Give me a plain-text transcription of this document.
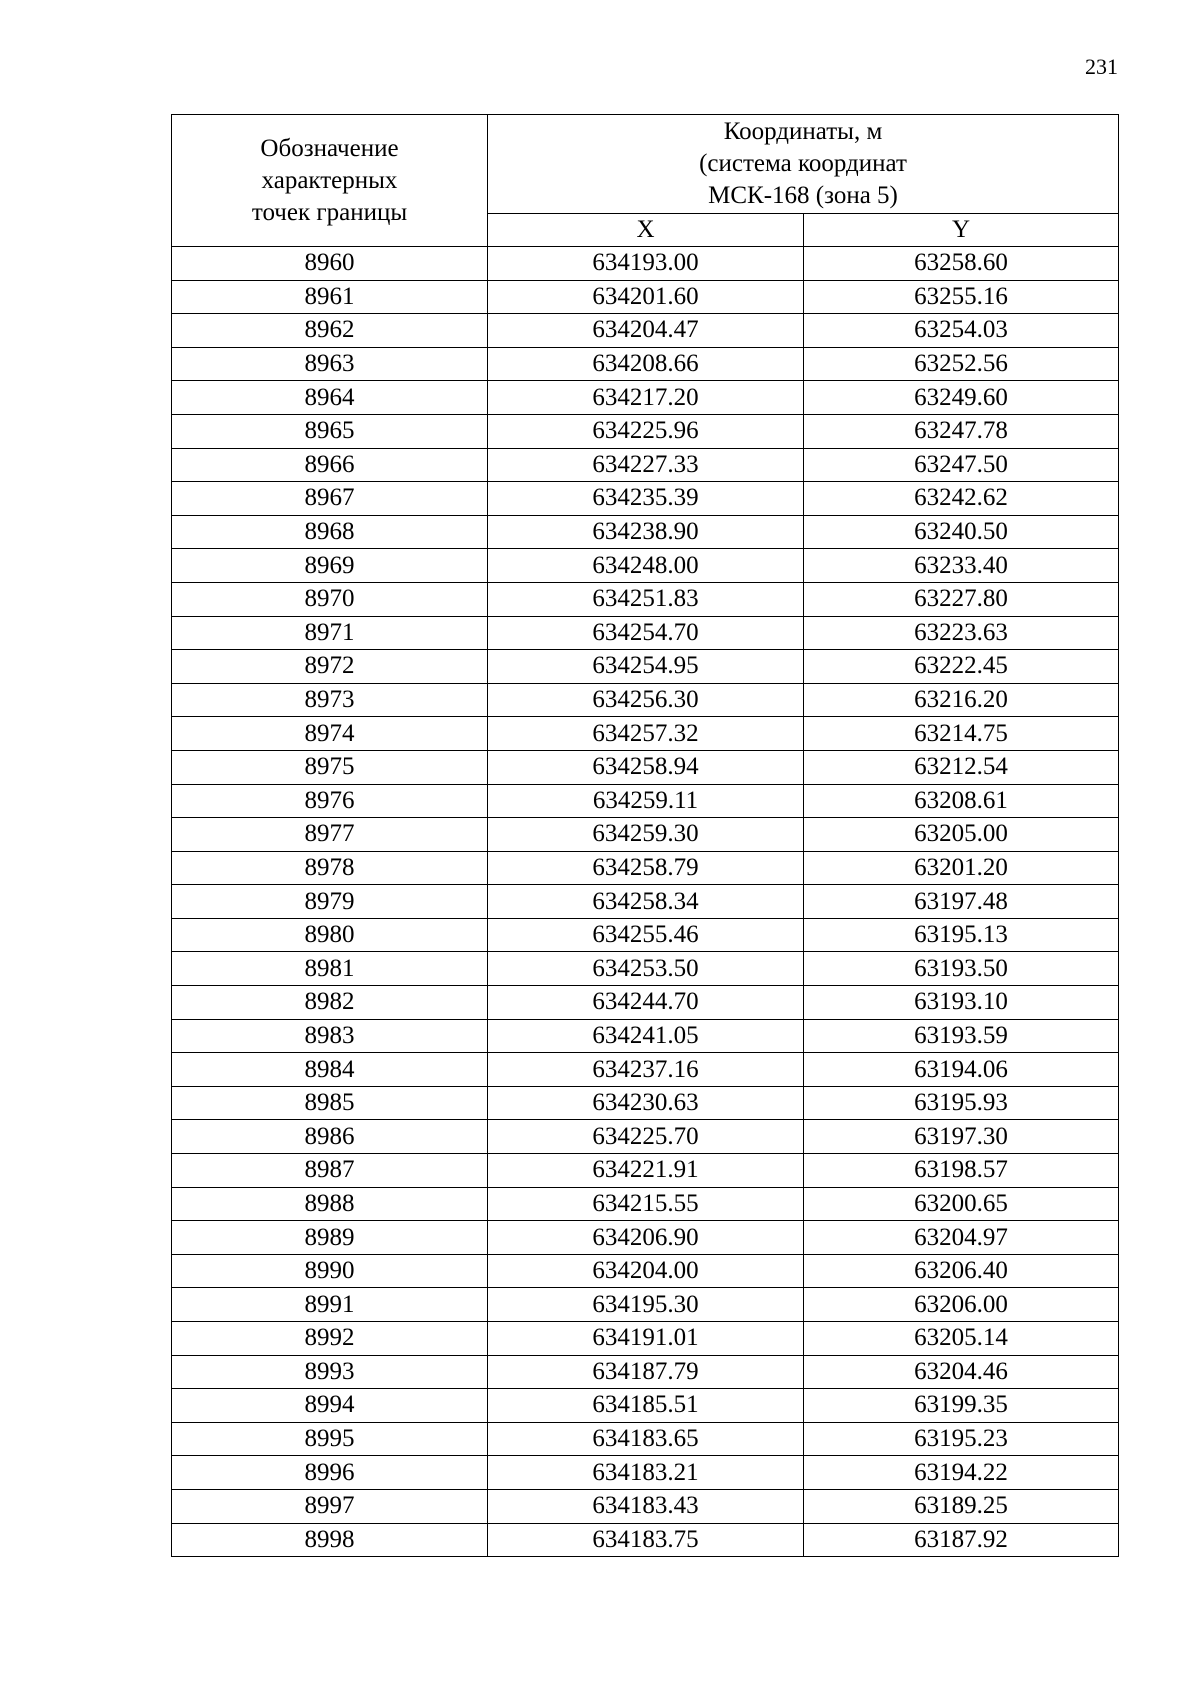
231
Обозначение
характерных
точек границы	Координаты, м
(система координат
МСК-168 (зона 5)	

	X	Y
8960	634193.00	63258.60
8961	634201.60	63255.16
8962	634204.47	63254.03
8963	634208.66	63252.56
8964	634217.20	63249.60
8965	634225.96	63247.78
8966	634227.33	63247.50
8967	634235.39	63242.62
8968	634238.90	63240.50
8969	634248.00	63233.40
8970	634251.83	63227.80
8971	634254.70	63223.63
8972	634254.95	63222.45
8973	634256.30	63216.20
8974	634257.32	63214.75
8975	634258.94	63212.54
8976	634259.11	63208.61
8977	634259.30	63205.00
8978	634258.79	63201.20
8979	634258.34	63197.48
8980	634255.46	63195.13
8981	634253.50	63193.50
8982	634244.70	63193.10
8983	634241.05	63193.59
8984	634237.16	63194.06
8985	634230.63	63195.93
8986	634225.70	63197.30
8987	634221.91	63198.57
8988	634215.55	63200.65
8989	634206.90	63204.97
8990	634204.00	63206.40
8991	634195.30	63206.00
8992	634191.01	63205.14
8993	634187.79	63204.46
8994	634185.51	63199.35
8995	634183.65	63195.23
8996	634183.21	63194.22
8997	634183.43	63189.25
8998	634183.75	63187.92
